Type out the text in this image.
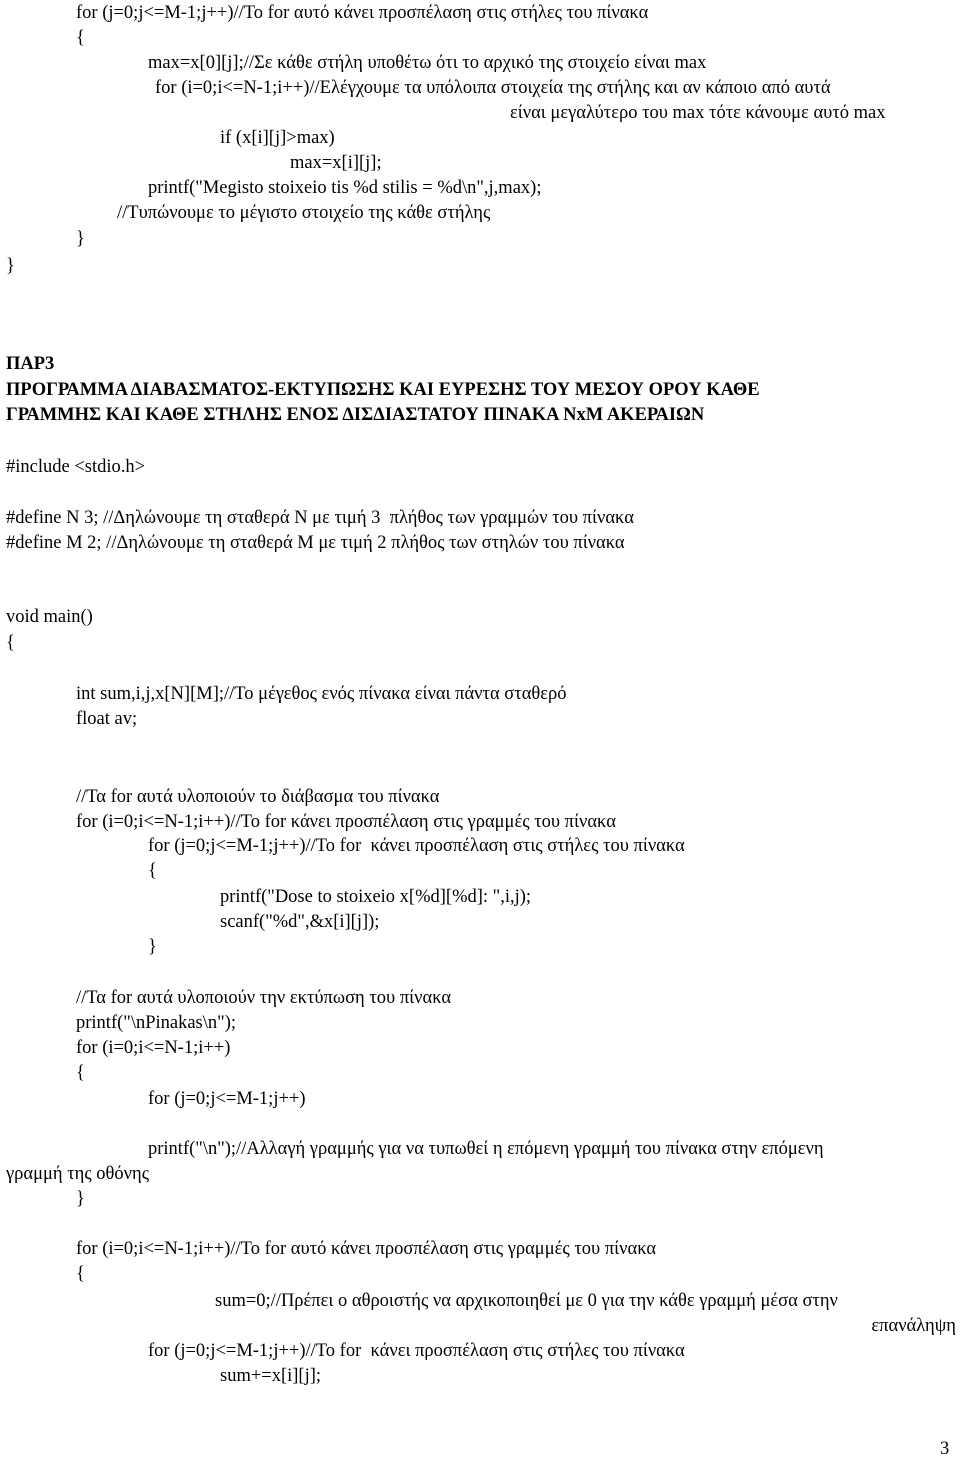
for (j=0;j<=M-1;j++)//Το for αυτό κάνει προσπέλαση στις στήλες του πίνακα
{
max=x[0][j];//Σε κάθε στήλη υποθέτω ότι το αρχικό της στοιχείο είναι max
for (i=0;i<=N-1;i++)//Ελέγχουμε τα υπόλοιπα στοιχεία της στήλης και αν κάποιο από αυτά
είναι μεγαλύτερο του max τότε κάνουμε αυτό max
if (x[i][j]>max)
max=x[i][j];
printf("Megisto stoixeio tis %d stilis = %d\n",j,max);
//Τυπώνουμε το μέγιστο στοιχείο της κάθε στήλης
}
}
ΠΑΡ3
ΠΡΟΓΡΑΜΜΑ ΔΙΑΒΑΣΜΑΤΟΣ-ΕΚΤΥΠΩΣΗΣ ΚΑΙ ΕΥΡΕΣΗΣ ΤΟΥ ΜΕΣΟΥ ΟΡΟΥ ΚΑΘΕ
ΓΡΑΜΜΗΣ ΚΑΙ ΚΑΘΕ ΣΤΗΛΗΣ ΕΝΟΣ ΔΙΣΔΙΑΣΤΑΤΟΥ ΠΙΝΑΚΑ ΝxΜ ΑΚΕΡΑΙΩΝ
#include <stdio.h>
#define N 3; //Δηλώνουμε τη σταθερά Ν με τιμή 3  πλήθος των γραμμών του πίνακα
#define M 2; //Δηλώνουμε τη σταθερά Μ με τιμή 2 πλήθος των στηλών του πίνακα
void main()
{
int sum,i,j,x[N][M];//Το μέγεθος ενός πίνακα είναι πάντα σταθερό
float av;
//Τα for αυτά υλοποιούν το διάβασμα του πίνακα
for (i=0;i<=N-1;i++)//Το for κάνει προσπέλαση στις γραμμές του πίνακα
for (j=0;j<=M-1;j++)//Το for  κάνει προσπέλαση στις στήλες του πίνακα
{
printf("Dose to stoixeio x[%d][%d]: ",i,j);
scanf("%d",&x[i][j]);
}
//Τα for αυτά υλοποιούν την εκτύπωση του πίνακα
printf("\nPinakas\n");
for (i=0;i<=N-1;i++)
{
for (j=0;j<=M-1;j++)
printf("\n");//Αλλαγή γραμμής για να τυπωθεί η επόμενη γραμμή του πίνακα στην επόμενη
γραμμή της οθόνης
}
for (i=0;i<=N-1;i++)//Το for αυτό κάνει προσπέλαση στις γραμμές του πίνακα
{
sum=0;//Πρέπει ο αθροιστής να αρχικοποιηθεί με 0 για την κάθε γραμμή μέσα στην
επανάληψη
for (j=0;j<=M-1;j++)//Το for  κάνει προσπέλαση στις στήλες του πίνακα
sum+=x[i][j];
3
